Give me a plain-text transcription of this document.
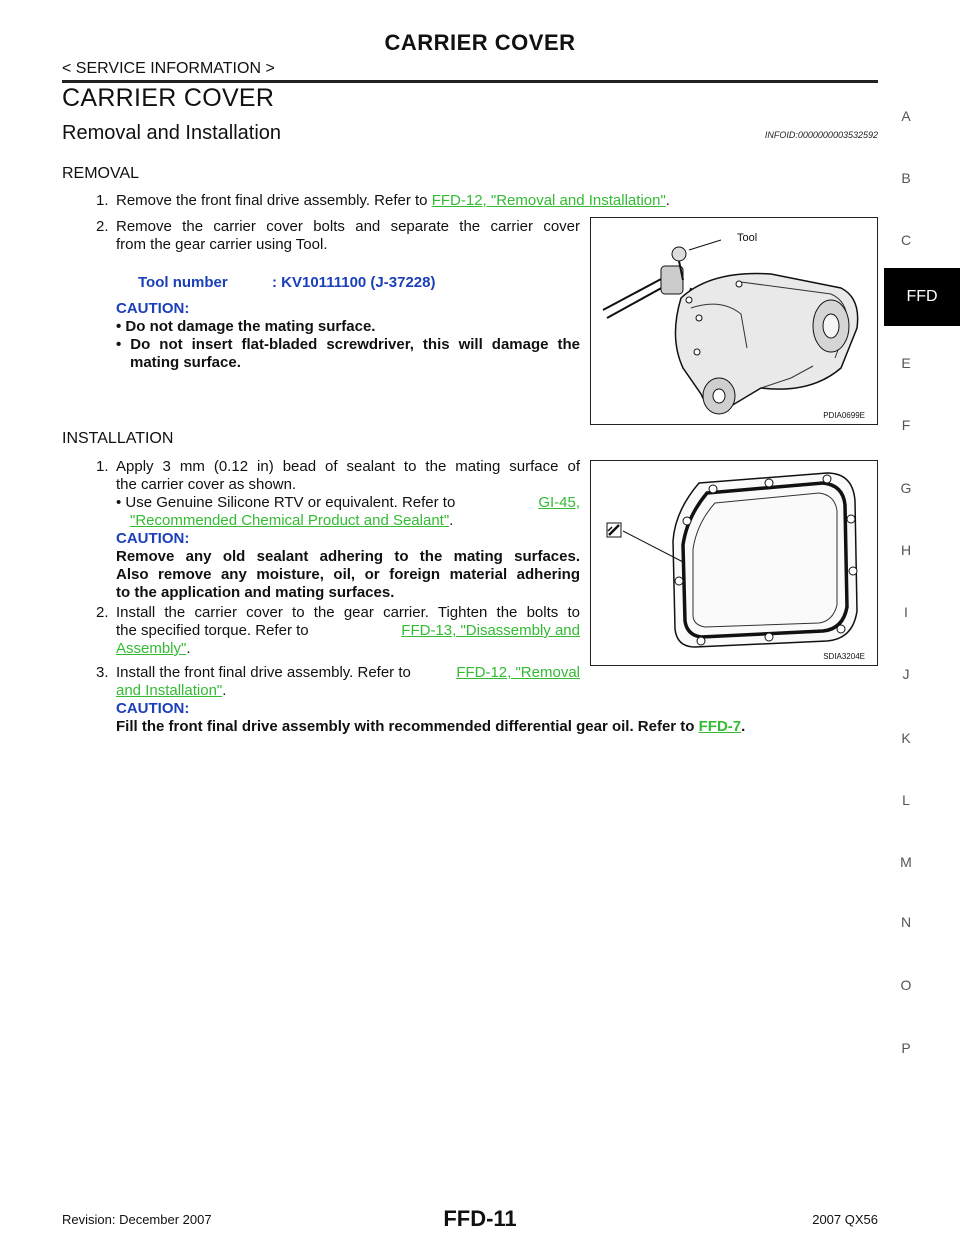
CARRIER COVER
< SERVICE INFORMATION >
CARRIER COVER
Removal and Installation	INFOID:0000000003532592
REMOVAL
1. Remove the front final drive assembly. Refer to FFD-12, "Removal and Installation".
2. Remove the carrier cover bolts and separate the carrier cover
from the gear carrier using Tool.
Tool number	: KV10111100 (J-37228)
CAUTION:
• Do not damage the mating surface.
• Do not insert flat-bladed screwdriver, this will damage the
mating surface.
Tool
PDIA0699E
INSTALLATION
1. Apply 3 mm (0.12 in) bead of sealant to the mating surface of
the carrier cover as shown.
• Use Genuine Silicone RTV or equivalent. Refer to	GI-45,
"Recommended Chemical Product and Sealant".
CAUTION:
Remove any old sealant adhering to the mating surfaces.
Also remove any moisture, oil, or foreign material adhering
to the application and mating surfaces.
2. Install the carrier cover to the gear carrier. Tighten the bolts to
the specified torque. Refer to	FFD-13, "Disassembly and
Assembly".
3. Install the front final drive assembly. Refer to	FFD-12, "Removal
and Installation".
CAUTION:
Fill the front final drive assembly with recommended differential gear oil. Refer to FFD-7.
SDIA3204E
A
B
C
FFD
E
F
G
H
I
J
K
L
M
N
O
P
Revision: December 2007	FFD-11	2007 QX56
